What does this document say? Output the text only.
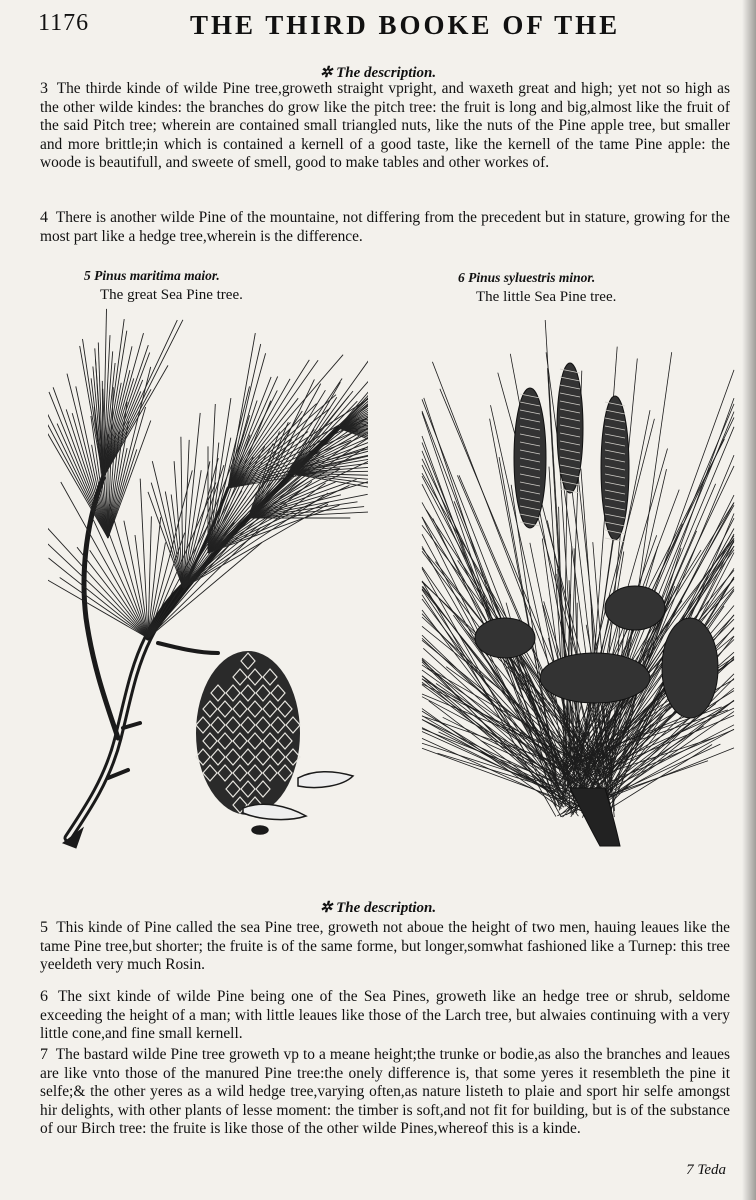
1176	THE THIRD BOOKE OF THE
✲ The description.
3 The thirde kinde of wilde Pine tree,groweth straight vpright, and waxeth great and high; yet not so high as the other wilde kindes: the branches do grow like the pitch tree: the fruit is long and big,almost like the fruit of the said Pitch tree; wherein are contained small triangled nuts, like the nuts of the Pine apple tree, but smaller and more brittle;in which is contained a kernell of a good taste, like the kernell of the tame Pine apple: the woode is beautifull, and sweete of smell, good to make tables and other workes of.
4 There is another wilde Pine of the mountaine, not differing from the precedent but in stature, growing for the most part like a hedge tree,wherein is the difference.
5 Pinus maritima maior.
The great Sea Pine tree.
6 Pinus syluestris minor.
The little Sea Pine tree.
✲ The description.
5 This kinde of Pine called the sea Pine tree, groweth not aboue the height of two men, hauing leaues like the tame Pine tree,but shorter; the fruite is of the same forme, but longer,somwhat fashioned like a Turnep: this tree yeeldeth very much Rosin.
6 The sixt kinde of wilde Pine being one of the Sea Pines, groweth like an hedge tree or shrub, seldome exceeding the height of a man; with little leaues like those of the Larch tree, but alwaies continuing with a very little cone,and fine small kernell.
7 The bastard wilde Pine tree groweth vp to a meane height;the trunke or bodie,as also the branches and leaues are like vnto those of the manured Pine tree:the onely difference is, that some yeres it resembleth the pine it selfe;& the other yeres as a wild hedge tree,varying often,as nature listeth to plaie and sport hir selfe amongst hir delights, with other plants of lesse moment: the timber is soft,and not fit for building, but is of the substance of our Birch tree: the fruite is like those of the other wilde Pines,whereof this is a kinde.
7 Teda
